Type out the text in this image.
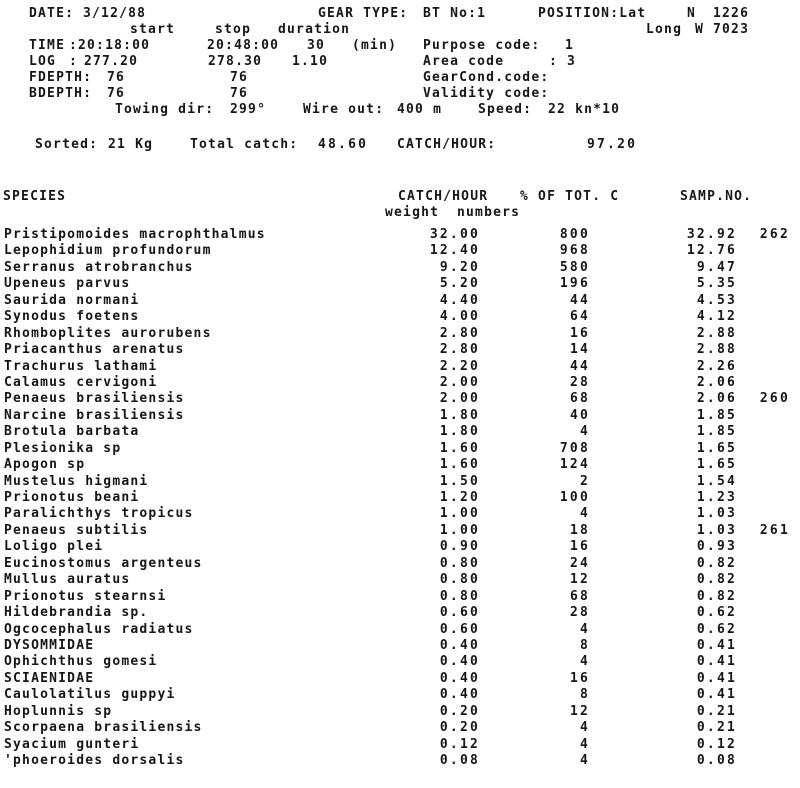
DATE: 3/12/88	GEAR TYPE: BT No:1	POSITION:Lat	N 1226
start	stop duration	Long W 7023
TIME : 20:18:00	20:48:00 30 (min) Purpose code: 1
LOG : 277.20	278.30 1.10	Area code	: 3
FDEPTH: 76	76	GearCond.code:
BDEPTH: 76	76	Validity code:
Towing dir: 299°	Wire out: 400 m	Speed: 22 kn*10
Sorted: 21 Kg	Total catch: 48.60 CATCH/HOUR:	97.20
SPECIES	CATCH/HOUR % OF TOT. C	SAMP.NO.
weight numbers
Pristipomoides macrophthalmus	32.00	800	32.92	262
Lepophidium profundorum	12.40	968	12.76
Serranus atrobranchus	9.20	580	9.47
Upeneus parvus	5.20	196	5.35
Saurida normani	4.40	44	4.53
Synodus foetens	4.00	64	4.12
Rhomboplites aurorubens	2.80	16	2.88
Priacanthus arenatus	2.80	14	2.88
Trachurus lathami	2.20	44	2.26
Calamus cervigoni	2.00	28	2.06
Penaeus brasiliensis	2.00	68	2.06	260
Narcine brasiliensis	1.80	40	1.85
Brotula barbata	1.80	4	1.85
Plesionika sp	1.60	708	1.65
Apogon sp	1.60	124	1.65
Mustelus higmani	1.50	2	1.54
Prionotus beani	1.20	100	1.23
Paralichthys tropicus	1.00	4	1.03
Penaeus subtilis	1.00	18	1.03	261
Loligo plei	0.90	16	0.93
Eucinostomus argenteus	0.80	24	0.82
Mullus auratus	0.80	12	0.82
Prionotus stearnsi	0.80	68	0.82
Hildebrandia sp.	0.60	28	0.62
Ogcocephalus radiatus	0.60	4	0.62
DYSOMMIDAE	0.40	8	0.41
Ophichthus gomesi	0.40	4	0.41
SCIAENIDAE	0.40	16	0.41
Caulolatilus guppyi	0.40	8	0.41
Hoplunnis sp	0.20	12	0.21
Scorpaena brasiliensis	0.20	4	0.21
Syacium gunteri	0.12	4	0.12
'phoeroides dorsalis	0.08	4	0.08
